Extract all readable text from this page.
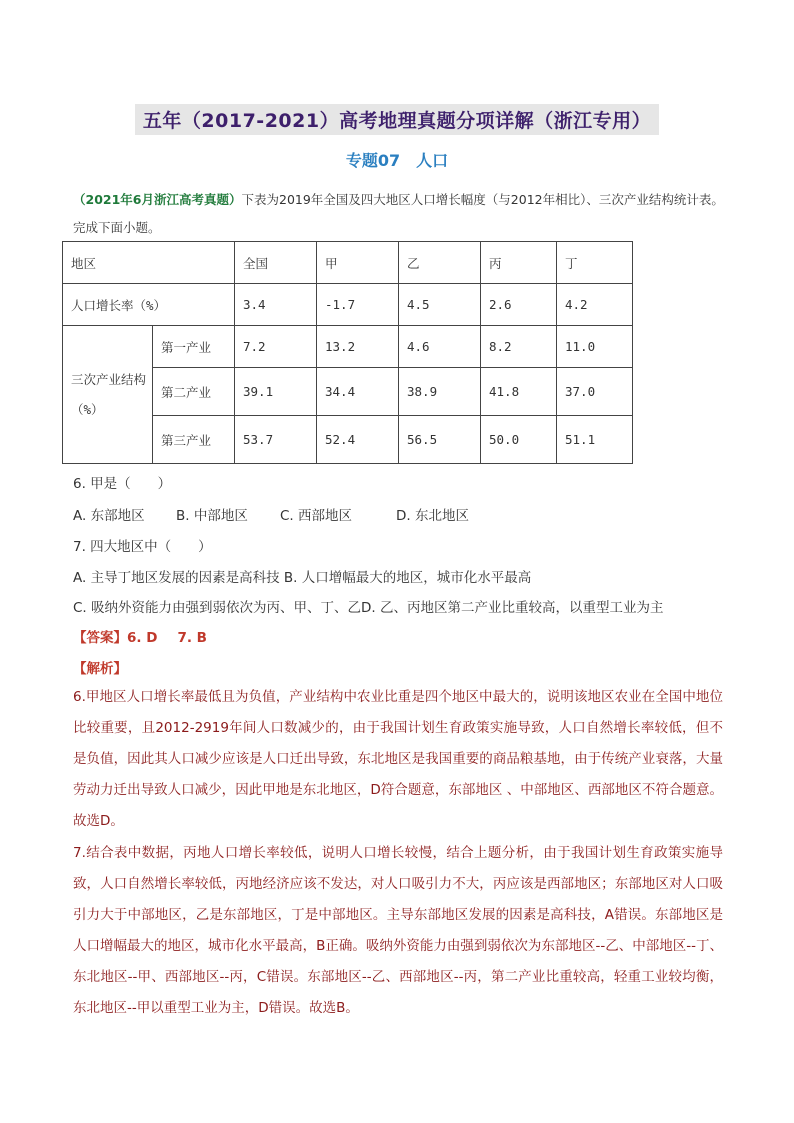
五年（2017-2021）高考地理真题分项详解（浙江专用）
专题07　人口
（2021年6月浙江高考真题）下表为2019年全国及四大地区人口增长幅度（与2012年相比）、三次产业结构统计表。完成下面小题。
地区		全国	甲	乙	丙	丁
人口增长率（%）		3.4	-1.7	4.5	2.6	4.2
三次产业结构（%）	第一产业	7.2	13.2	4.6	8.2	11.0
	第二产业	39.1	34.4	38.9	41.8	37.0
	第三产业	53.7	52.4	56.5	50.0	51.1
6. 甲是（　　）
A. 东部地区 B. 中部地区 C. 西部地区	D. 东北地区
7. 四大地区中（　　）
A. 主导丁地区发展的因素是高科技 B. 人口增幅最大的地区，城市化水平最高
C. 吸纳外资能力由强到弱依次为丙、甲、丁、乙D. 乙、丙地区第二产业比重较高，以重型工业为主
【答案】6. D 7. B
【解析】
6.甲地区人口增长率最低且为负值，产业结构中农业比重是四个地区中最大的，说明该地区农业在全国中地位比较重要，且2012-2919年间人口数减少的，由于我国计划生育政策实施导致，人口自然增长率较低，但不是负值，因此其人口减少应该是人口迁出导致，东北地区是我国重要的商品粮基地，由于传统产业衰落，大量劳动力迁出导致人口减少，因此甲地是东北地区，D符合题意，东部地区 、中部地区、西部地区不符合题意。故选D。
7.结合表中数据，丙地人口增长率较低，说明人口增长较慢，结合上题分析，由于我国计划生育政策实施导致，人口自然增长率较低，丙地经济应该不发达，对人口吸引力不大，丙应该是西部地区；东部地区对人口吸引力大于中部地区，乙是东部地区，丁是中部地区。主导东部地区发展的因素是高科技，A错误。东部地区是人口增幅最大的地区，城市化水平最高，B正确。吸纳外资能力由强到弱依次为东部地区--乙、中部地区--丁、东北地区--甲、西部地区--丙，C错误。东部地区--乙、西部地区--丙，第二产业比重较高，轻重工业较均衡，东北地区--甲以重型工业为主，D错误。故选B。
